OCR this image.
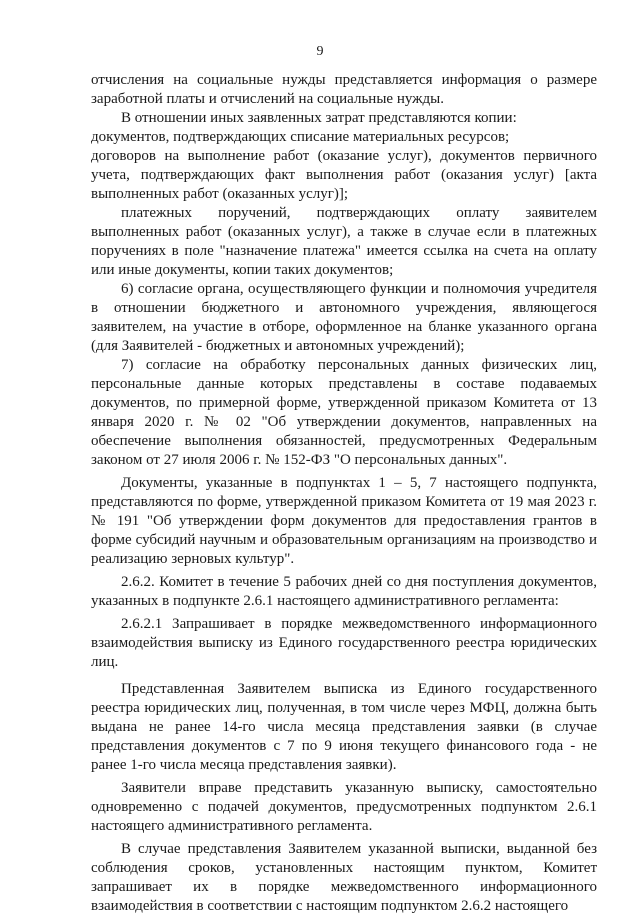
9

отчисления на социальные нужды представляется информация о размере заработной платы и отчислений на социальные нужды.

В отношении иных заявленных затрат представляются копии:

документов, подтверждающих списание материальных ресурсов;

договоров на выполнение работ (оказание услуг), документов первичного учета, подтверждающих факт выполнения работ (оказания услуг) [акта выполненных работ (оказанных услуг)];

платежных поручений, подтверждающих оплату заявителем выполненных работ (оказанных услуг), а также в случае если в платежных поручениях в поле "назначение платежа" имеется ссылка на счета на оплату или иные документы, копии таких документов;

6) согласие органа, осуществляющего функции и полномочия учредителя в отношении бюджетного и автономного учреждения, являющегося заявителем, на участие в отборе, оформленное на бланке указанного органа (для Заявителей - бюджетных и автономных учреждений);

7) согласие на обработку персональных данных физических лиц, персональные данные которых представлены в составе подаваемых документов, по примерной форме, утвержденной приказом Комитета от 13 января 2020 г. № 02 "Об утверждении документов, направленных на обеспечение выполнения обязанностей, предусмотренных Федеральным законом от 27 июля 2006 г. № 152-ФЗ "О персональных данных".

Документы, указанные в подпунктах 1 – 5, 7 настоящего подпункта, представляются по форме, утвержденной приказом Комитета от 19 мая 2023 г. № 191 "Об утверждении форм документов для предоставления грантов в форме субсидий научным и образовательным организациям на производство и реализацию зерновых культур".

2.6.2. Комитет в течение 5 рабочих дней со дня поступления документов, указанных в подпункте 2.6.1 настоящего административного регламента:

2.6.2.1 Запрашивает в порядке межведомственного информационного взаимодействия выписку из Единого государственного реестра юридических лиц.

Представленная Заявителем выписка из Единого государственного реестра юридических лиц, полученная, в том числе через МФЦ, должна быть выдана не ранее 14-го числа месяца представления заявки (в случае представления документов с 7 по 9 июня текущего финансового года - не ранее 1-го числа месяца представления заявки).

Заявители вправе представить указанную выписку, самостоятельно одновременно с подачей документов, предусмотренных подпунктом 2.6.1 настоящего административного регламента.

В случае представления Заявителем указанной выписки, выданной без соблюдения сроков, установленных настоящим пунктом, Комитет запрашивает их в порядке межведомственного информационного взаимодействия в соответствии с настоящим подпунктом 2.6.2 настоящего
